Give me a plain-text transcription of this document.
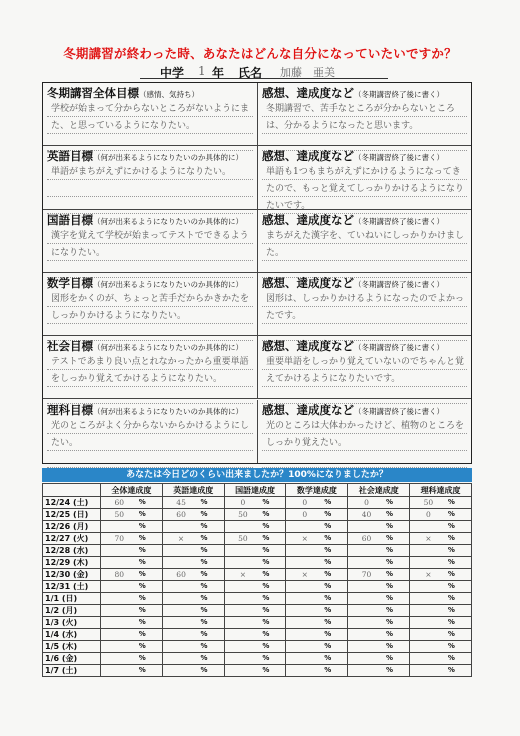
冬期講習が終わった時、あなたはどんな自分になっていたいですか？
中学 1 年 氏名 加藤　亜美
冬期講習全体目標（感情、気持ち）
学校が始まって分からないところがないようにまた、と思っているようになりたい。
感想、達成度など（冬期講習終了後に書く）
冬期講習で、苦手なところが分からないところは、分かるようになったと思います。
英語目標（何が出来るようになりたいのか具体的に）
単語がまちがえずにかけるようになりたい。
感想、達成度など（冬期講習終了後に書く）
単語も1つもまちがえずにかけるようになってきたので、もっと覚えてしっかりかけるようになりたいです。
国語目標（何が出来るようになりたいのか具体的に）
漢字を覚えて学校が始まってテストでできるようになりたい。
感想、達成度など（冬期講習終了後に書く）
まちがえた漢字を、ていねいにしっかりかけました。
数学目標（何が出来るようになりたいのか具体的に）
図形をかくのが、ちょっと苦手だからかきかたをしっかりかけるようになりたい。
感想、達成度など（冬期講習終了後に書く）
図形は、しっかりかけるようになったのでよかったです。
社会目標（何が出来るようになりたいのか具体的に）
テストであまり良い点とれなかったから重要単語をしっかり覚えてかけるようになりたい。
感想、達成度など（冬期講習終了後に書く）
重要単語をしっかり覚えていないのでちゃんと覚えてかけるようになりたいです。
理科目標（何が出来るようになりたいのか具体的に）
光のところがよく分からないからかけるようにしたい。
感想、達成度など（冬期講習終了後に書く）
光のところは大体わかったけど、植物のところをしっかり覚えたい。
あなたは今日どのくらい出来ましたか？100%になりましたか？
	全体達成度	英語達成度	国語達成度	数学達成度	社会達成度	理科達成度
12/24 (土)	60 %	45 %	0 %	0 %	0 %	50 %

12/25 (日)	50 %	60 %	50 %	0 %	40 %	0 %

12/26 (月)	%	%	%	%	%	%

12/27 (火)	70 %	× %	50 %	× %	60 %	× %

12/28 (水)	%	%	%	%	%	%

12/29 (木)	%	%	%	%	%	%

12/30 (金)	80 %	60 %	× %	× %	70 %	× %

12/31 (土)	%	%	%	%	%	%

1/1 (日)	%	%	%	%	%	%

1/2 (月)	%	%	%	%	%	%

1/3 (火)	%	%	%	%	%	%

1/4 (水)	%	%	%	%	%	%

1/5 (木)	%	%	%	%	%	%

1/6 (金)	%	%	%	%	%	%

1/7 (土)	%	%	%	%	%	%
